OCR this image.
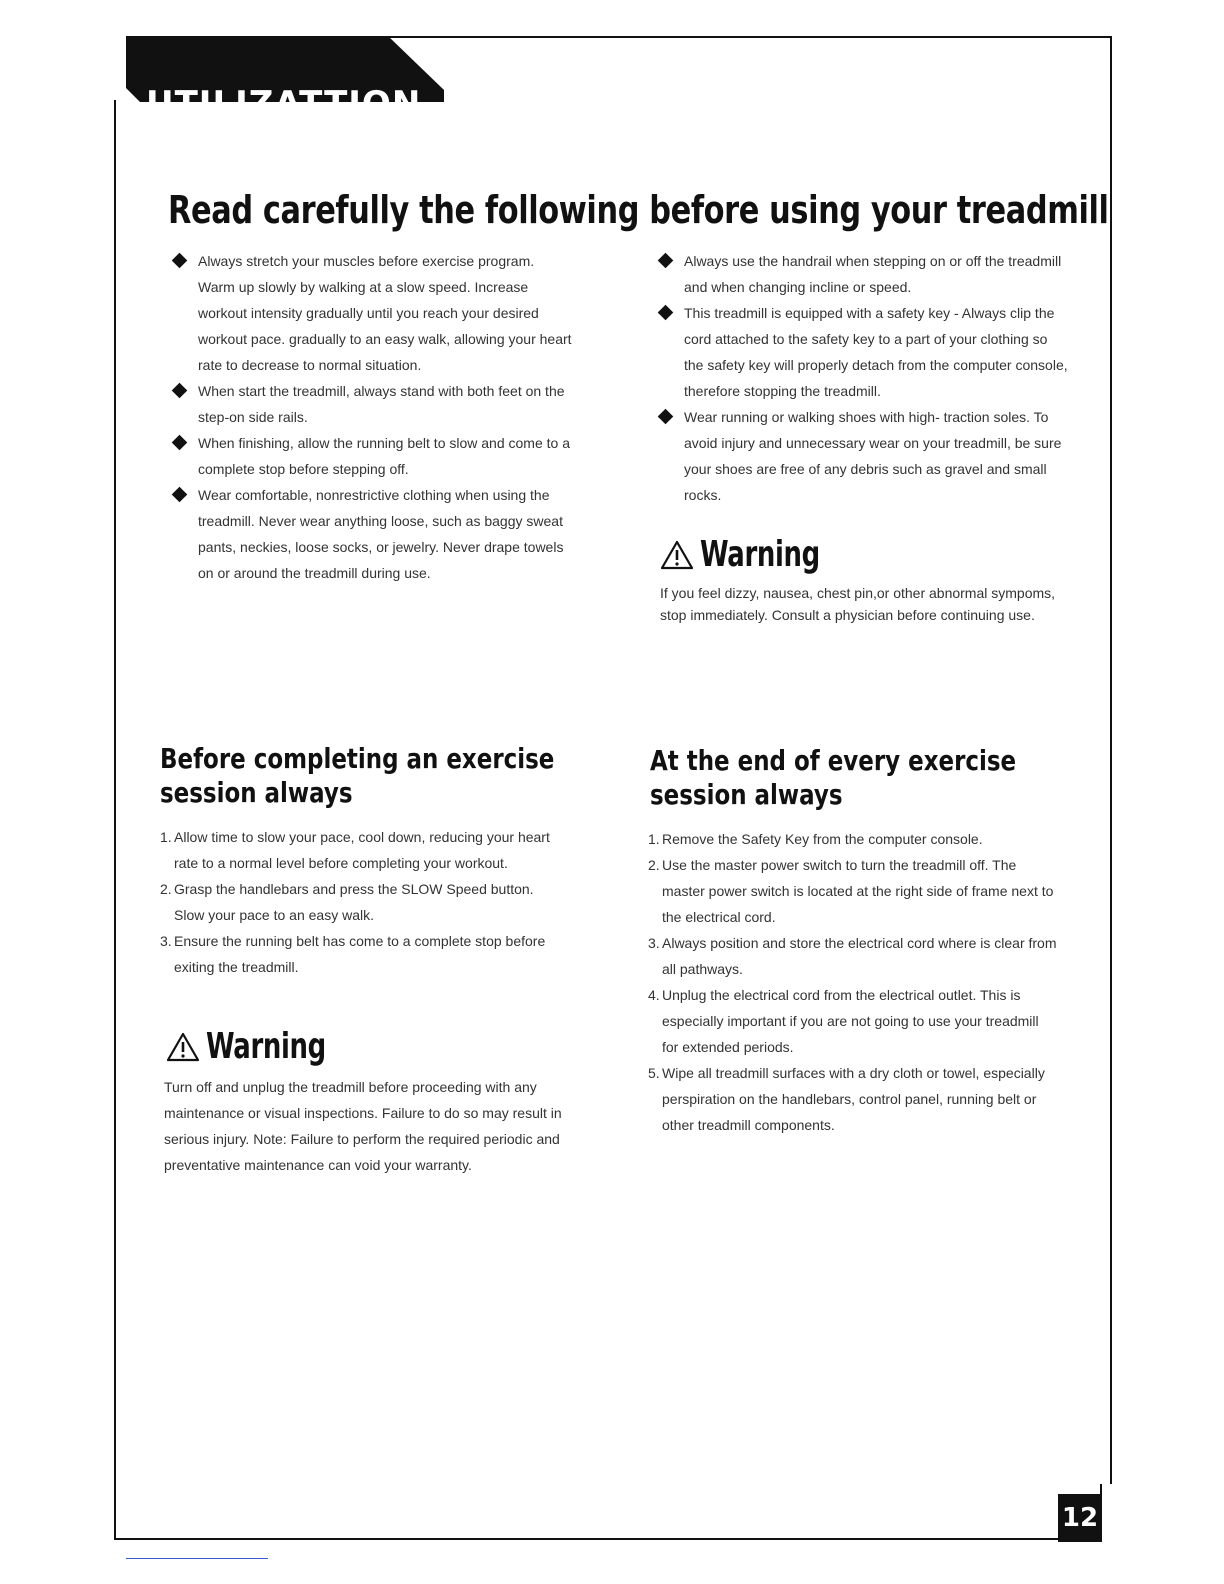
UTILIZATTION
Read carefully the following before using your treadmill
Always stretch your muscles before exercise program. Warm up slowly by walking at a slow speed. Increase workout intensity gradually until you reach your desired workout pace. gradually to an easy walk, allowing your heart rate to decrease to normal situation.
When start the treadmill, always stand with both feet on the step-on side rails.
When finishing, allow the running belt to slow and come to a complete stop before stepping off.
Wear comfortable, nonrestrictive clothing when using the treadmill. Never wear anything loose, such as baggy sweat pants, neckies, loose socks, or jewelry. Never drape towels on or around the treadmill during use.
Always use the handrail when stepping on or off the treadmill and when changing incline or speed.
This treadmill is equipped with a safety key - Always clip the cord attached to the safety key to a part of your clothing so the safety key will properly detach from the computer console, therefore stopping the treadmill.
Wear running or walking shoes with high- traction soles. To avoid injury and unnecessary wear on your treadmill, be sure your shoes are free of any debris such as gravel and small rocks.
Warning
If you feel dizzy, nausea, chest pin,or other abnormal sympoms, stop immediately. Consult a physician before continuing use.
Before completing an exercise
session always
1. Allow time to slow your pace, cool down, reducing your heart rate to a normal level before completing your workout.
2. Grasp the handlebars and press the SLOW Speed button. Slow your pace to an easy walk.
3. Ensure the running belt has come to a complete stop before exiting the treadmill.
Warning
Turn off and unplug the treadmill before proceeding with any maintenance or visual inspections. Failure to do so may result in serious injury. Note: Failure to perform the required periodic and preventative maintenance can void your warranty.
At the end of every exercise
session always
1. Remove the Safety Key from the computer console.
2. Use the master power switch to turn the treadmill off. The master power switch is located at the right side of frame next to the electrical cord.
3. Always position and store the electrical cord where is clear from all pathways.
4. Unplug the electrical cord from the electrical outlet. This is especially important if you are not going to use your treadmill for extended periods.
5. Wipe all treadmill surfaces with a dry cloth or towel, especially perspiration on the handlebars, control panel, running belt or other treadmill components.
12
